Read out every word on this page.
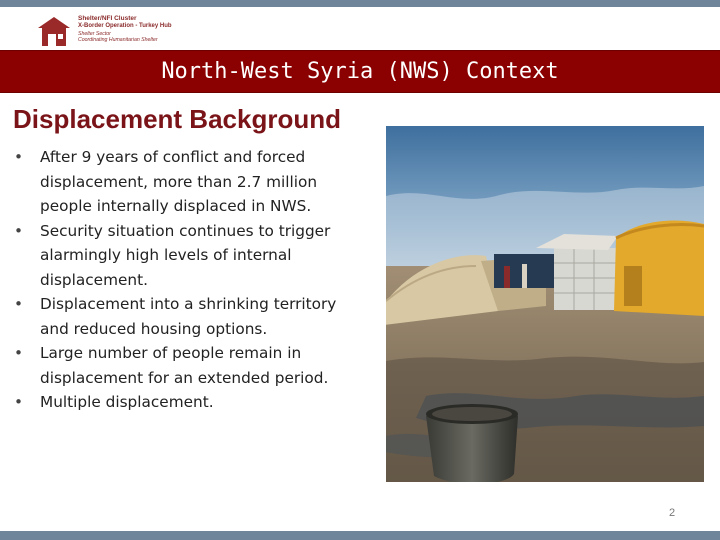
Shelter/NFI Cluster
X-Border Operation - Turkey Hub
Shelter Sector
Coordinating Humanitarian Shelter
North-West Syria (NWS) Context
Displacement Background
• After 9 years of conflict and forced displacement, more than 2.7 million people internally displaced in NWS.
• Security situation continues to trigger alarmingly high levels of internal displacement.
• Displacement into a shrinking territory and reduced housing options.
• Large number of people remain in displacement for an extended period.
• Multiple displacement.
2
